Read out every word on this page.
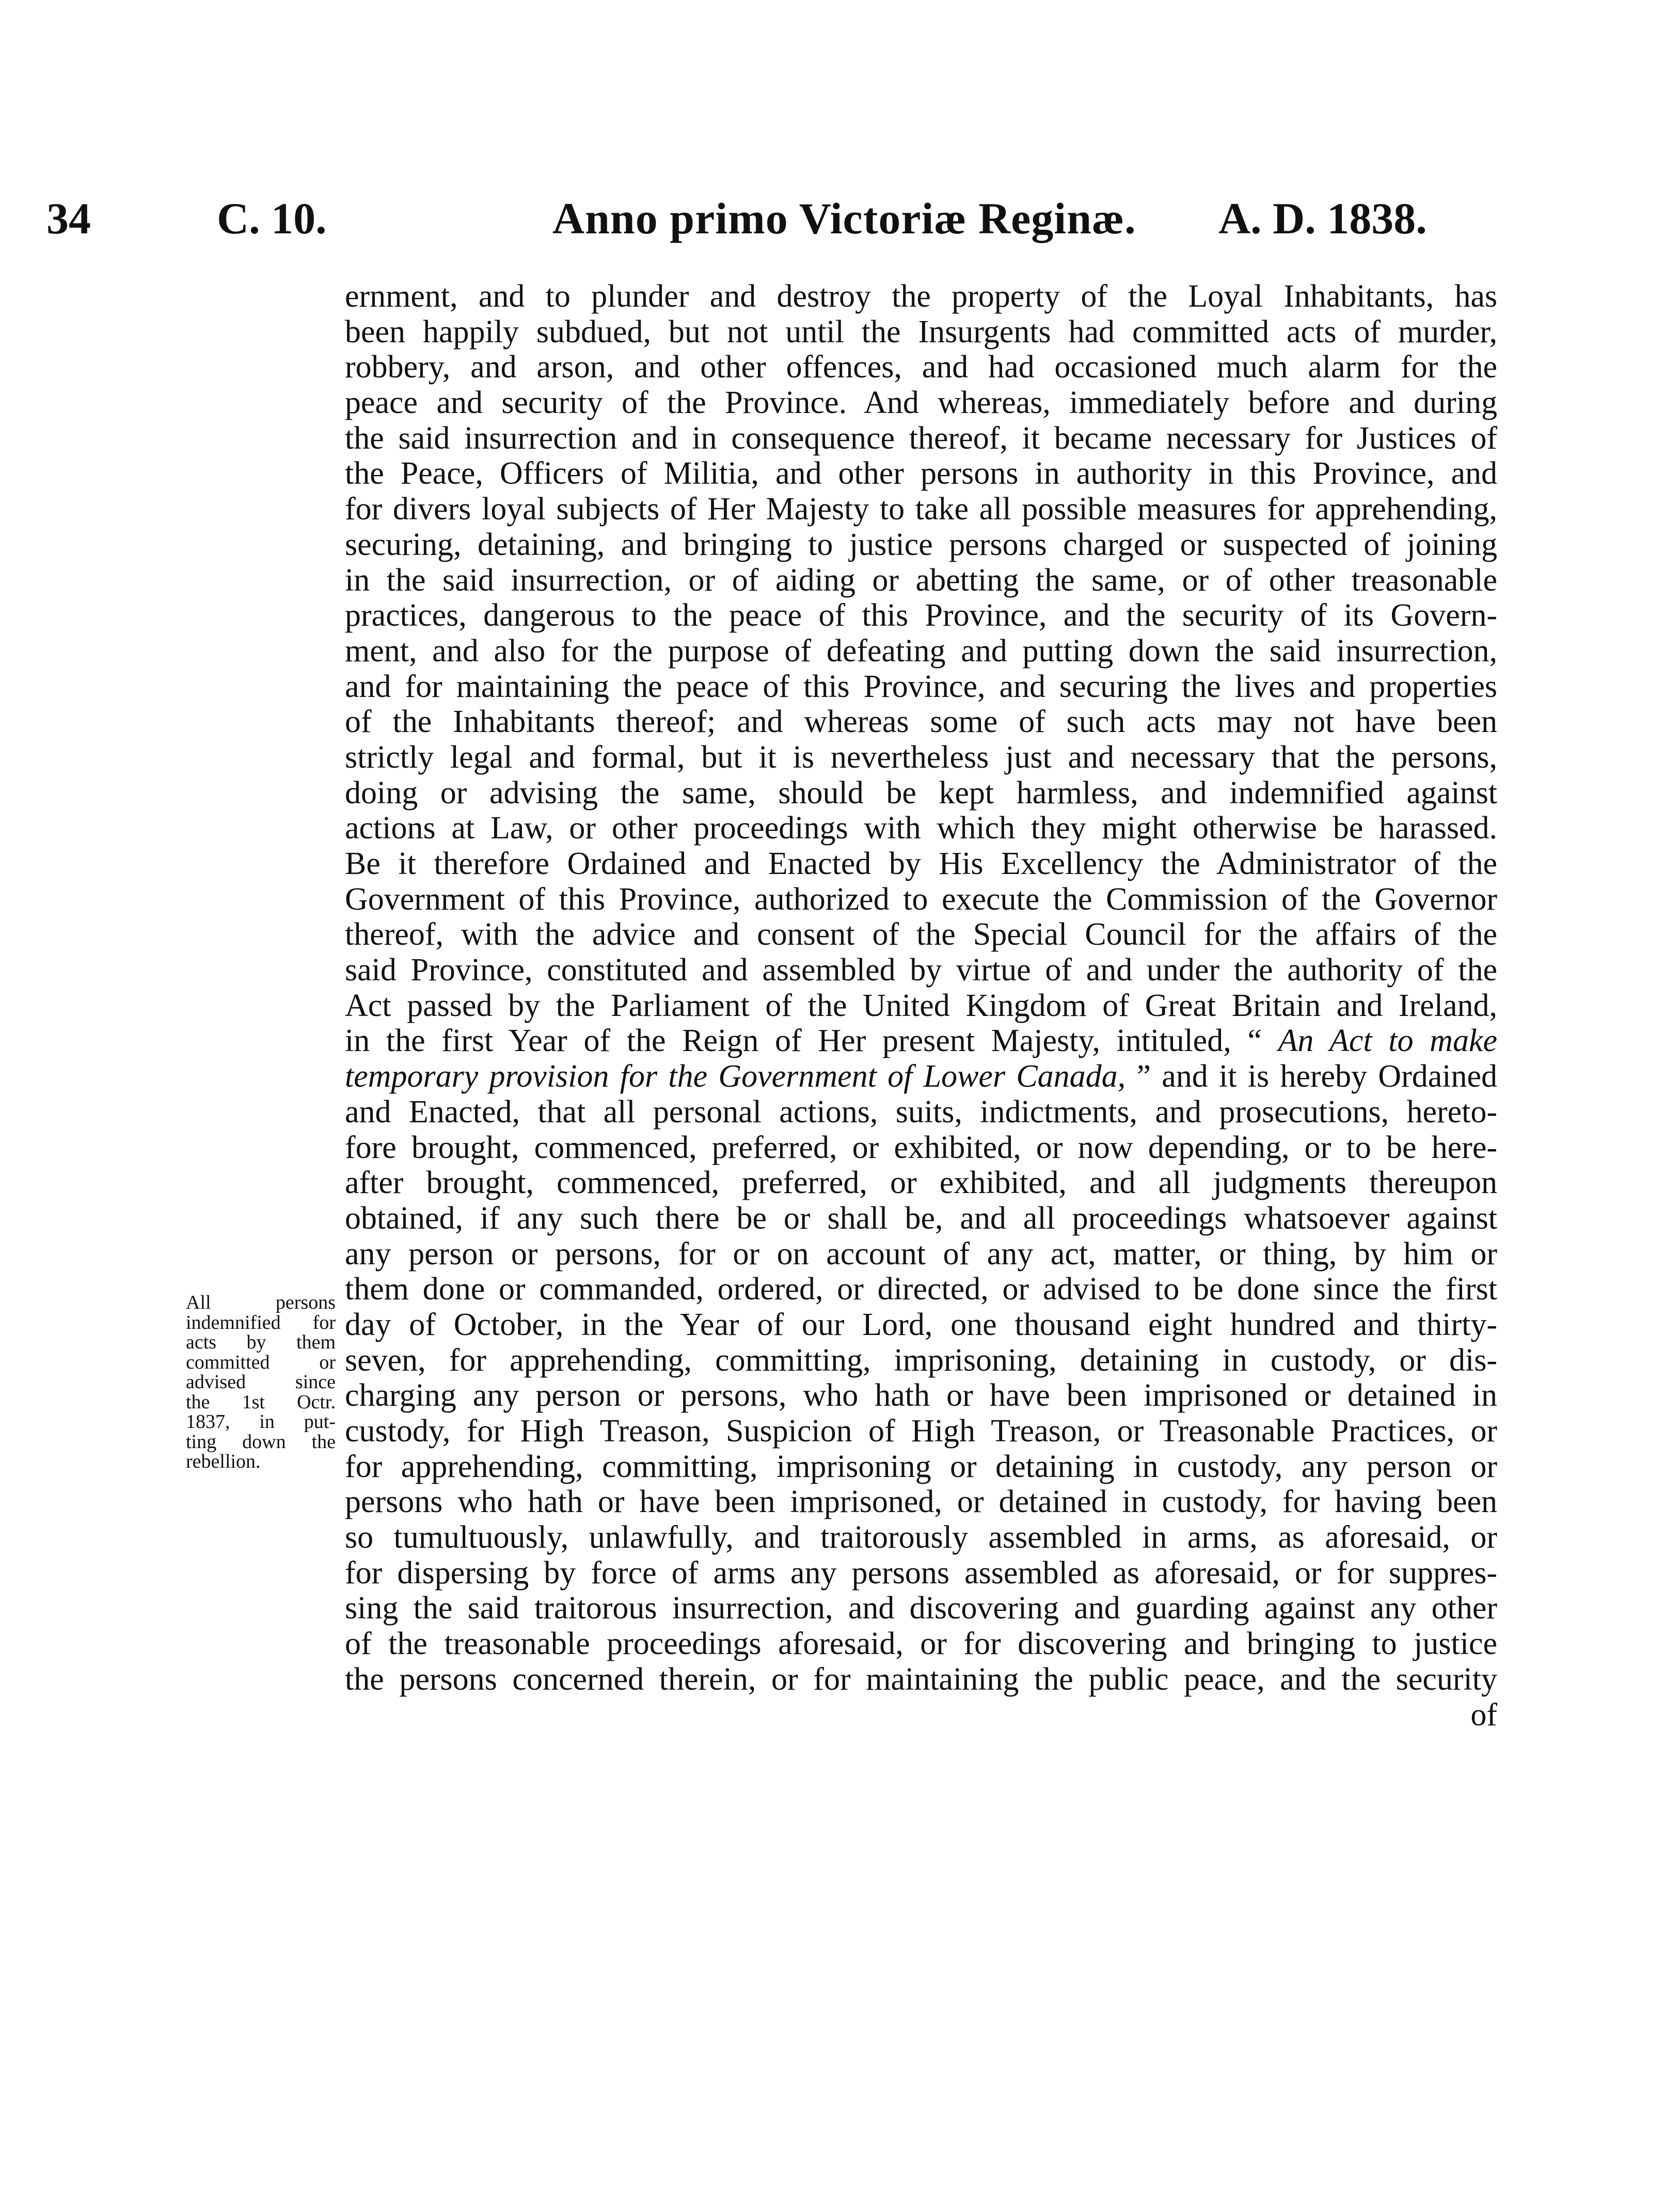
34	C. 10.	Anno primo Victoriæ Reginæ. A. D. 1838.
All persons
indemnified for
acts by them
committed or
advised since
the 1st Octr.
1837, in put-
ting down the
rebellion.
ernment, and to plunder and destroy the property of the Loyal Inhabitants, has
been happily subdued, but not until the Insurgents had committed acts of murder,
robbery, and arson, and other offences, and had occasioned much alarm for the
peace and security of the Province. And whereas, immediately before and during
the said insurrection and in consequence thereof, it became necessary for Justices of
the Peace, Officers of Militia, and other persons in authority in this Province, and
for divers loyal subjects of Her Majesty to take all possible measures for apprehending,
securing, detaining, and bringing to justice persons charged or suspected of joining
in the said insurrection, or of aiding or abetting the same, or of other treasonable
practices, dangerous to the peace of this Province, and the security of its Govern-
ment, and also for the purpose of defeating and putting down the said insurrection,
and for maintaining the peace of this Province, and securing the lives and properties
of the Inhabitants thereof; and whereas some of such acts may not have been
strictly legal and formal, but it is nevertheless just and necessary that the persons,
doing or advising the same, should be kept harmless, and indemnified against
actions at Law, or other proceedings with which they might otherwise be harassed.
Be it therefore Ordained and Enacted by His Excellency the Administrator of the
Government of this Province, authorized to execute the Commission of the Governor
thereof, with the advice and consent of the Special Council for the affairs of the
said Province, constituted and assembled by virtue of and under the authority of the
Act passed by the Parliament of the United Kingdom of Great Britain and Ireland,
in the first Year of the Reign of Her present Majesty, intituled, “ An Act to make
temporary provision for the Government of Lower Canada, ” and it is hereby Ordained
and Enacted, that all personal actions, suits, indictments, and prosecutions, hereto-
fore brought, commenced, preferred, or exhibited, or now depending, or to be here-
after brought, commenced, preferred, or exhibited, and all judgments thereupon
obtained, if any such there be or shall be, and all proceedings whatsoever against
any person or persons, for or on account of any act, matter, or thing, by him or
them done or commanded, ordered, or directed, or advised to be done since the first
day of October, in the Year of our Lord, one thousand eight hundred and thirty-
seven, for apprehending, committing, imprisoning, detaining in custody, or dis-
charging any person or persons, who hath or have been imprisoned or detained in
custody, for High Treason, Suspicion of High Treason, or Treasonable Practices, or
for apprehending, committing, imprisoning or detaining in custody, any person or
persons who hath or have been imprisoned, or detained in custody, for having been
so tumultuously, unlawfully, and traitorously assembled in arms, as aforesaid, or
for dispersing by force of arms any persons assembled as aforesaid, or for suppres-
sing the said traitorous insurrection, and discovering and guarding against any other
of the treasonable proceedings aforesaid, or for discovering and bringing to justice
the persons concerned therein, or for maintaining the public peace, and the security
of
